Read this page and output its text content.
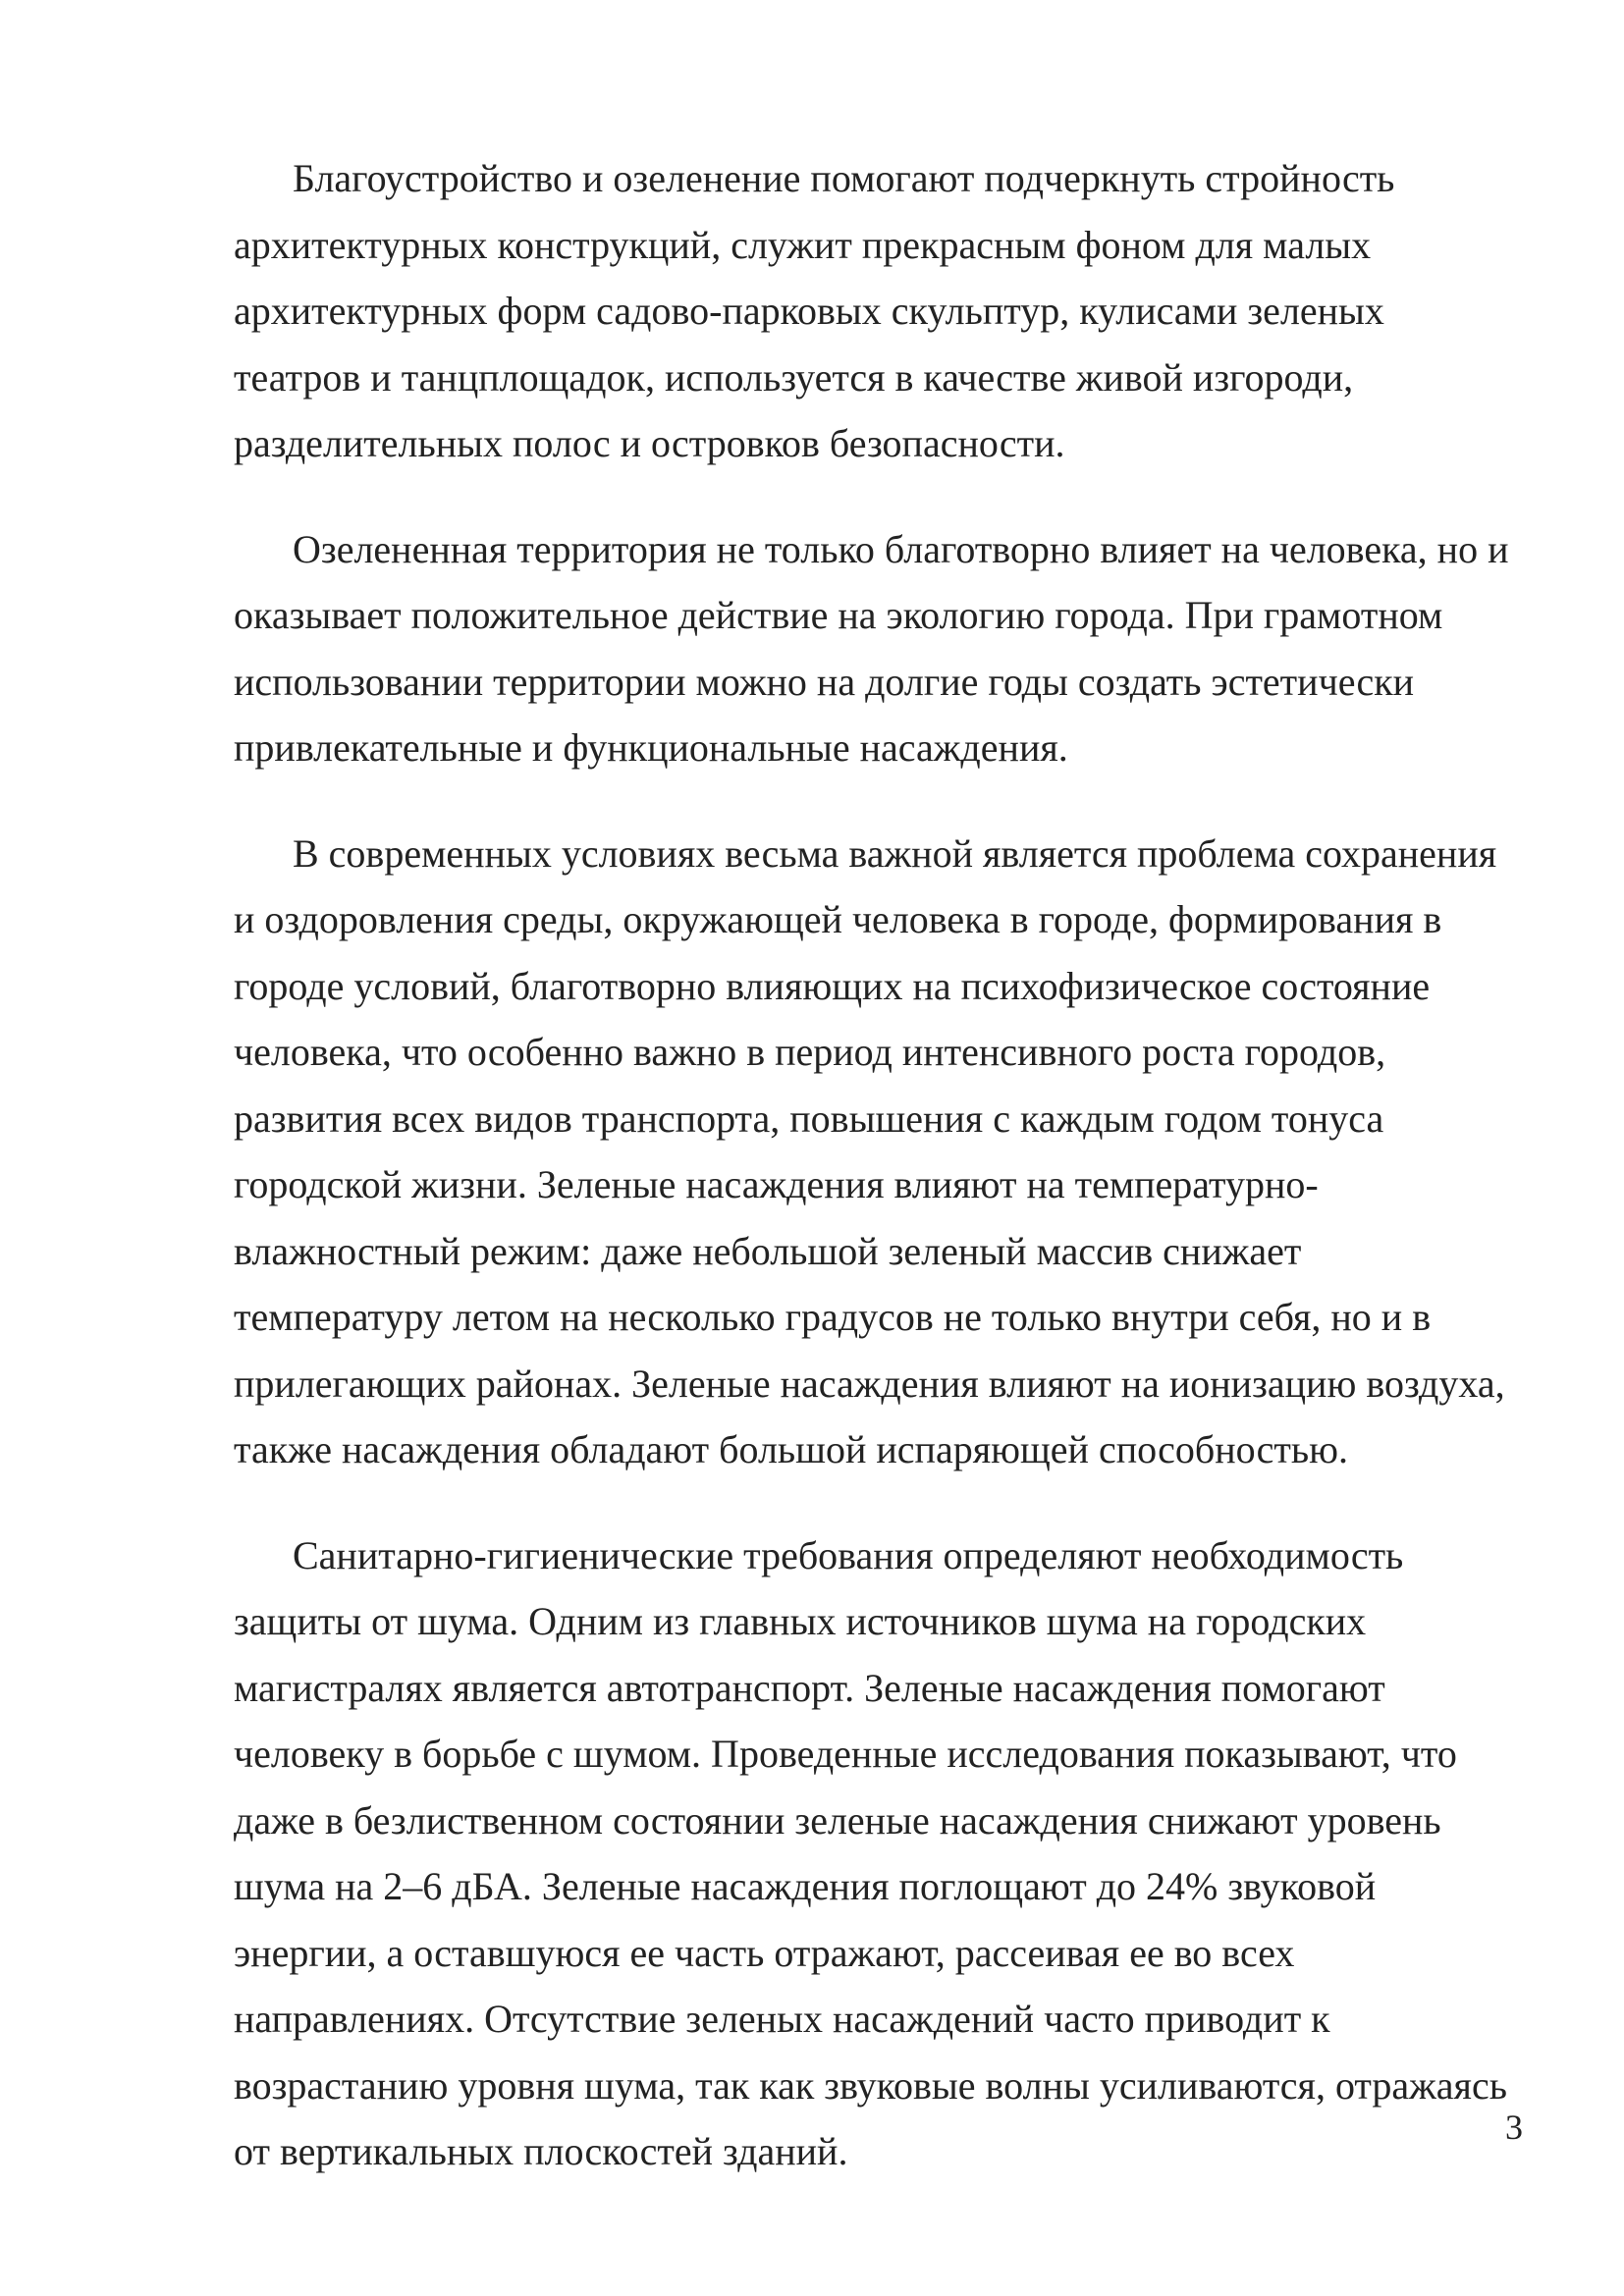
Благоустройство и озеленение помогают подчеркнуть стройность архитектурных конструкций, служит прекрасным фоном для малых архитектурных форм садово-парковых скульптур, кулисами зеленых театров и танцплощадок, используется в качестве живой изгороди, разделительных полос и островков безопасности.

Озелененная территория не только благотворно влияет на человека, но и оказывает положительное действие на экологию города. При грамотном использовании территории можно на долгие годы создать эстетически привлекательные и функциональные насаждения.

В современных условиях весьма важной является проблема сохранения и оздоровления среды, окружающей человека в городе, формирования в городе условий, благотворно влияющих на психофизическое состояние человека, что особенно важно в период интенсивного роста городов, развития всех видов транспорта, повышения с каждым годом тонуса городской жизни. Зеленые насаждения влияют на температурно-влажностный режим: даже небольшой зеленый массив снижает температуру летом на несколько градусов не только внутри себя, но и в прилегающих районах. Зеленые насаждения влияют на ионизацию воздуха, также насаждения обладают большой испаряющей способностью.

Санитарно-гигиенические требования определяют необходимость защиты от шума. Одним из главных источников шума на городских магистралях является автотранспорт. Зеленые насаждения помогают человеку в борьбе с шумом. Проведенные исследования показывают, что даже в безлиственном состоянии зеленые насаждения снижают уровень шума на 2–6 дБА. Зеленые насаждения поглощают до 24% звуковой энергии, а оставшуюся ее часть отражают, рассеивая ее во всех направлениях. Отсутствие зеленых насаждений часто приводит к возрастанию уровня шума, так как звуковые волны усиливаются, отражаясь от вертикальных плоскостей зданий.

3
